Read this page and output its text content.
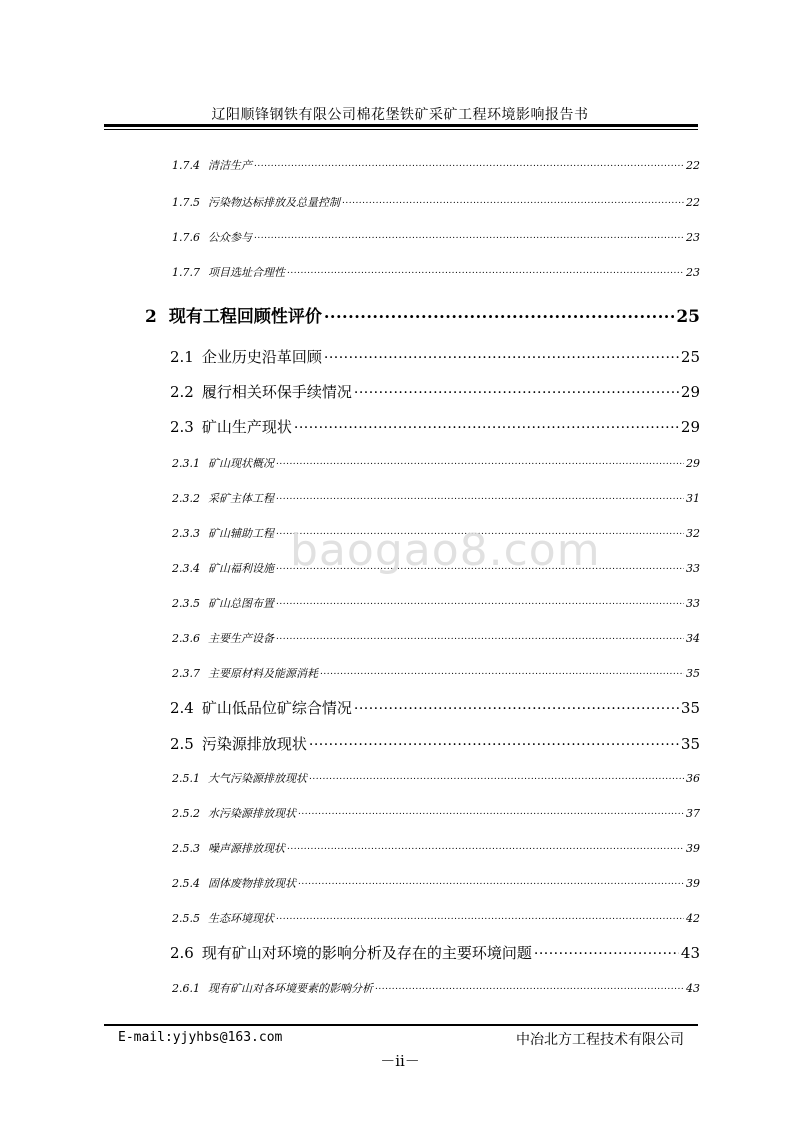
辽阳顺锋钢铁有限公司棉花堡铁矿采矿工程环境影响报告书
1.7.4 清洁生产 .....	22
1.7.5 污染物达标排放及总量控制 .....	22
1.7.6 公众参与 .....	23
1.7.7 项目选址合理性 .....	23
2 现有工程回顾性评价 .....	25
2.1 企业历史沿革回顾 .....	25
2.2 履行相关环保手续情况 .....	29
2.3 矿山生产现状 .....	29
2.3.1 矿山现状概况 .....	29
2.3.2 采矿主体工程 .....	31
2.3.3 矿山辅助工程 .....	32
2.3.4 矿山福利设施 .....	33
2.3.5 矿山总图布置 .....	33
2.3.6 主要生产设备 .....	34
2.3.7 主要原材料及能源消耗 .....	35
2.4 矿山低品位矿综合情况 .....	35
2.5 污染源排放现状 .....	35
2.5.1 大气污染源排放现状 .....	36
2.5.2 水污染源排放现状 .....	37
2.5.3 噪声源排放现状 .....	39
2.5.4 固体废物排放现状 .....	39
2.5.5 生态环境现状 .....	42
2.6 现有矿山对环境的影响分析及存在的主要环境问题 .....	43
2.6.1 现有矿山对各环境要素的影响分析 .....	43
baogao8.com
E-mail:yjyhbs@163.com	中冶北方工程技术有限公司
－ii－
